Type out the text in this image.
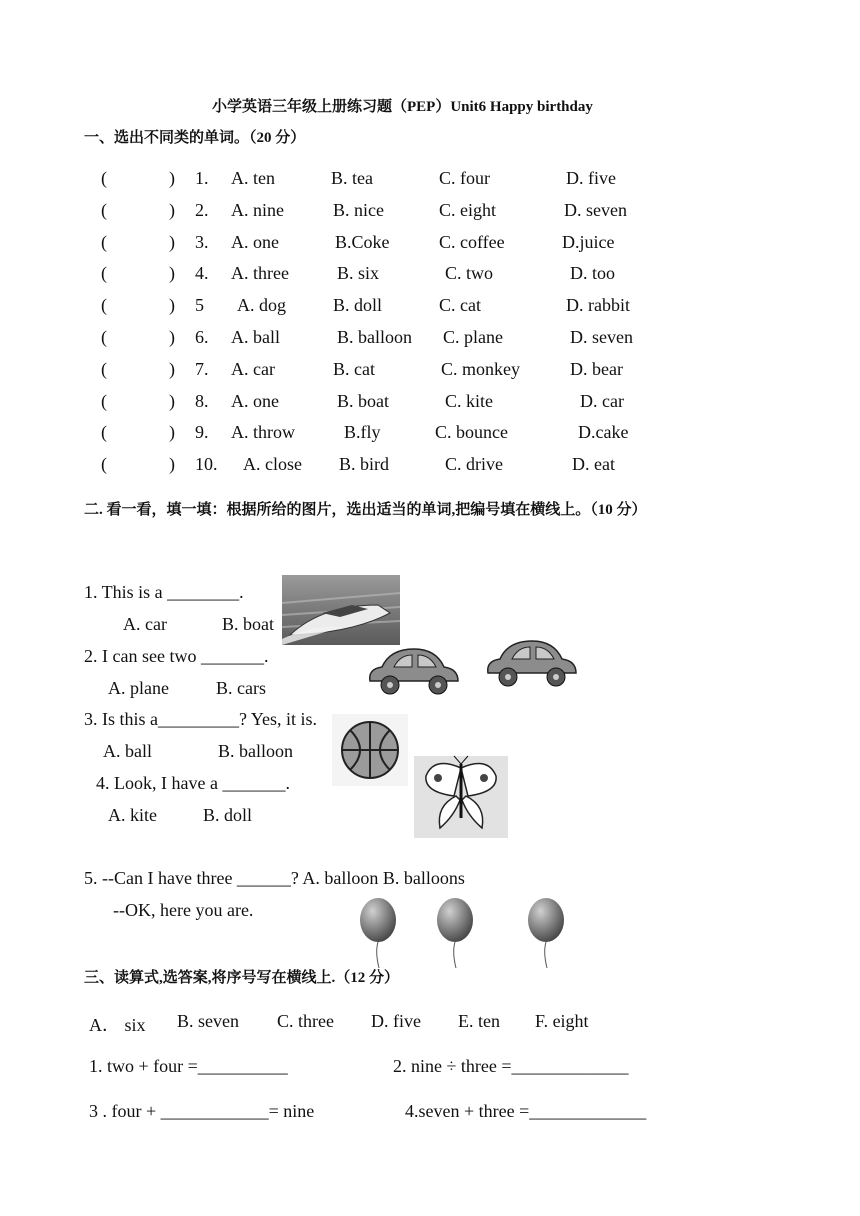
小学英语三年级上册练习题（PEP）Unit6 Happy birthday
一、选出不同类的单词。（20 分）
(	) 1. A. ten	B. tea	C. four	D. five
(	) 2. A. nine	B. nice	C. eight	D. seven
(	) 3. A. one	B.Coke	C. coffee	D.juice
(	) 4. A. three	B. six	C. two	D. too
(	) 5 A. dog	B. doll	C. cat	D. rabbit
(	) 6. A. ball	B. balloon C. plane	D. seven
(	) 7. A. car	B. cat	C. monkey	D. bear
(	) 8. A. one	B. boat	C. kite	D. car
(	) 9. A. throw	B.fly	C. bounce	D.cake
(	) 10. A. close B. bird	C. drive	D. eat
二. 看一看，填一填：根据所给的图片，选出适当的单词,把编号填在横线上。（10 分）
1. This is a ________.
A. car	B. boat
2. I can see two _______.
A. plane	B. cars
3. Is this a_________? Yes, it is.
A. ball	B. balloon
4. Look, I have a _______.
A. kite	B. doll
5. --Can I have three ______? A. balloon B. balloons
--OK, here you are.
三、读算式,选答案,将序号写在横线上.（12 分）
A． six B. seven C. three D. five E. ten F. eight
1. two + four =__________	2. nine ÷ three =_____________
3 . four + ____________= nine	4.seven + three =_____________
